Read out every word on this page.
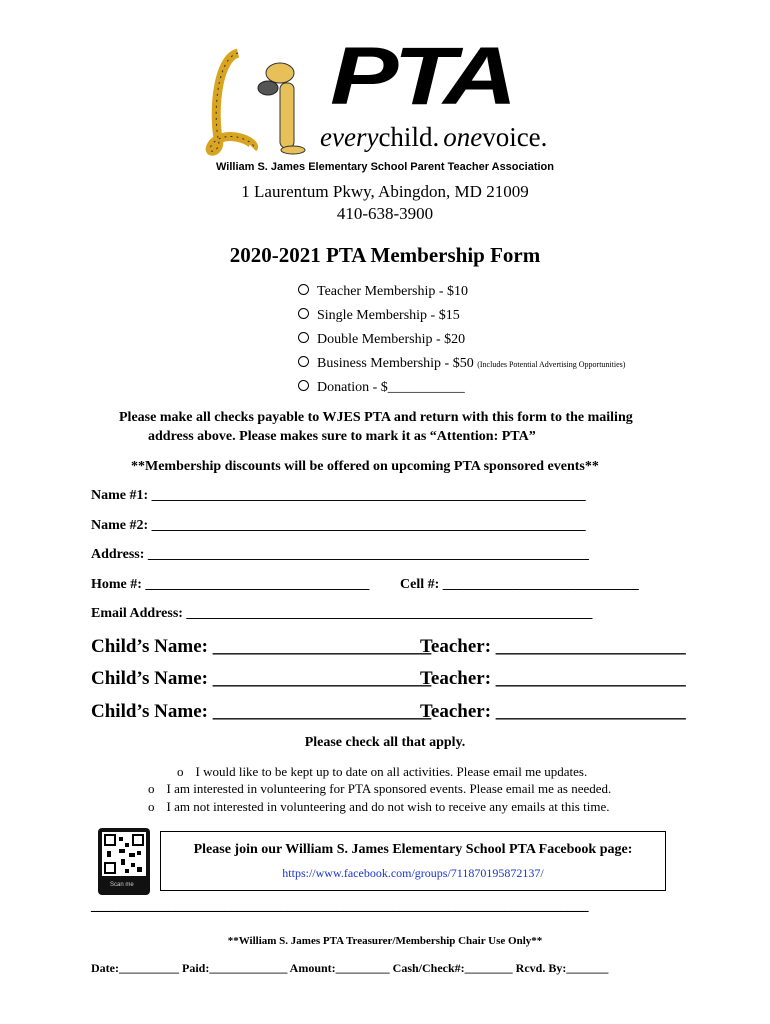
PTA
everychild. onevoice.
William S. James Elementary School Parent Teacher Association
1 Laurentum Pkwy, Abingdon, MD 21009
410-638-3900
2020-2021 PTA Membership Form
Teacher Membership - $10
Single Membership - $15
Double Membership - $20
Business Membership - $50 (Includes Potential Advertising Opportunities)
Donation - $___________
Please make all checks payable to WJES PTA and return with this form to the mailing
address above. Please makes sure to mark it as “Attention: PTA”
**Membership discounts will be offered on upcoming PTA sponsored events**
Name #1: ______________________________________________________________
Name #2: ______________________________________________________________
Address: _______________________________________________________________
Home #: ________________________________ Cell #: ____________________________
Email Address: __________________________________________________________
Child’s Name: _______________________
Teacher: ____________________
Child’s Name: _______________________
Teacher: ____________________
Child’s Name: _______________________
Teacher: ____________________
Please check all that apply.
o I would like to be kept up to date on all activities. Please email me updates.
o I am interested in volunteering for PTA sponsored events. Please email me as needed.
o I am not interested in volunteering and do not wish to receive any emails at this time.
Scan me
Please join our William S. James Elementary School PTA Facebook page:
https://www.facebook.com/groups/711870195872137/
_______________________________________________________________________
**William S. James PTA Treasurer/Membership Chair Use Only**
Date:__________ Paid:_____________ Amount:_________ Cash/Check#:________ Rcvd. By:_______
